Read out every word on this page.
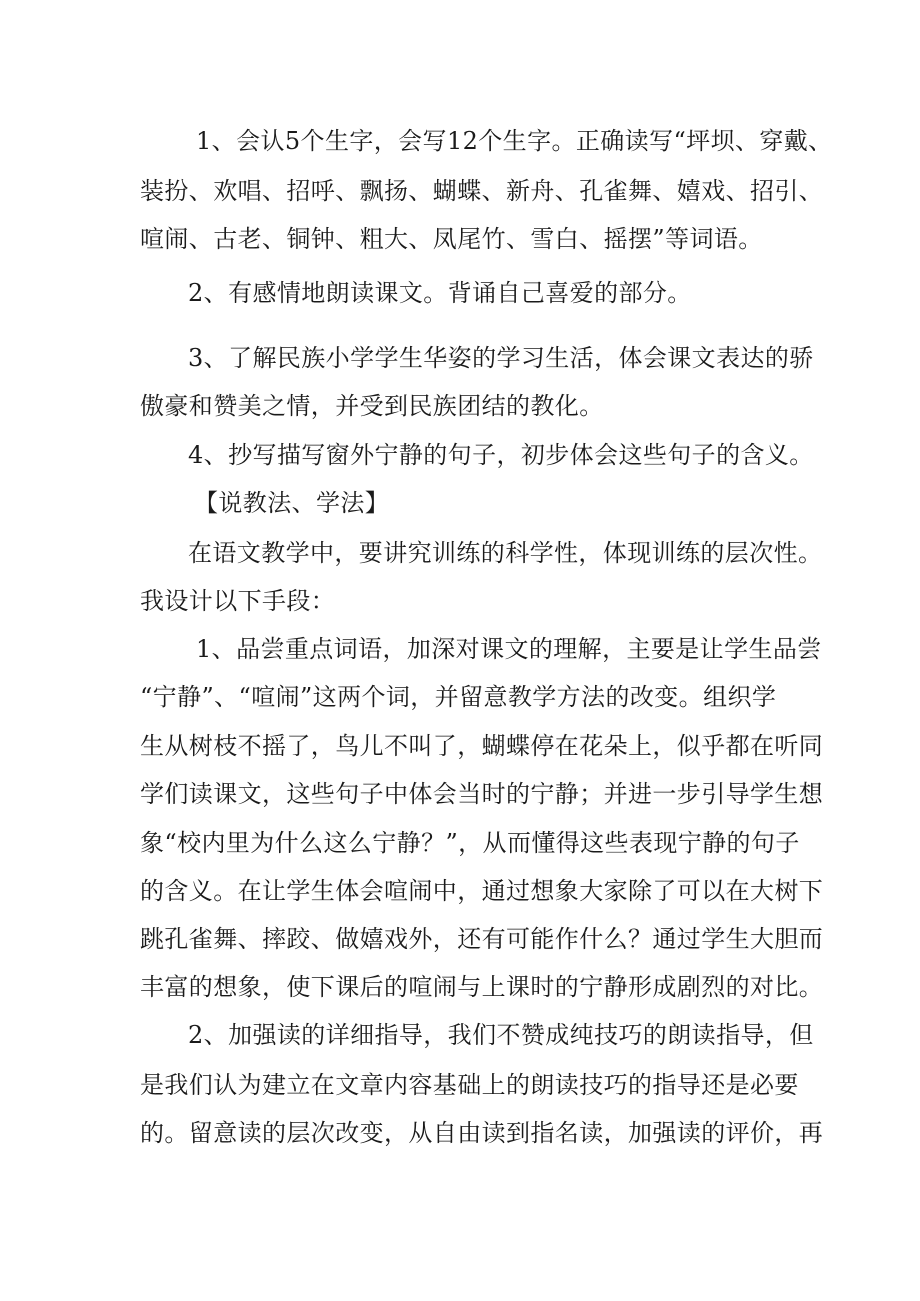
1、会认5个生字，会写12个生字。正确读写“坪坝、穿戴、
装扮、欢唱、招呼、飘扬、蝴蝶、新舟、孔雀舞、嬉戏、招引、
喧闹、古老、铜钟、粗大、凤尾竹、雪白、摇摆”等词语。
2、有感情地朗读课文。背诵自己喜爱的部分。
3、了解民族小学学生华姿的学习生活，体会课文表达的骄
傲豪和赞美之情，并受到民族团结的教化。
4、抄写描写窗外宁静的句子，初步体会这些句子的含义。
【说教法、学法】
在语文教学中，要讲究训练的科学性，体现训练的层次性。
我设计以下手段：
1、品尝重点词语，加深对课文的理解，主要是让学生品尝
“宁静”、“喧闹”这两个词，并留意教学方法的改变。组织学
生从树枝不摇了，鸟儿不叫了，蝴蝶停在花朵上，似乎都在听同
学们读课文，这些句子中体会当时的宁静；并进一步引导学生想
象“校内里为什么这么宁静？”，从而懂得这些表现宁静的句子
的含义。在让学生体会喧闹中，通过想象大家除了可以在大树下
跳孔雀舞、摔跤、做嬉戏外，还有可能作什么？通过学生大胆而
丰富的想象，使下课后的喧闹与上课时的宁静形成剧烈的对比。
2、加强读的详细指导，我们不赞成纯技巧的朗读指导，但
是我们认为建立在文章内容基础上的朗读技巧的指导还是必要
的。留意读的层次改变，从自由读到指名读，加强读的评价，再
